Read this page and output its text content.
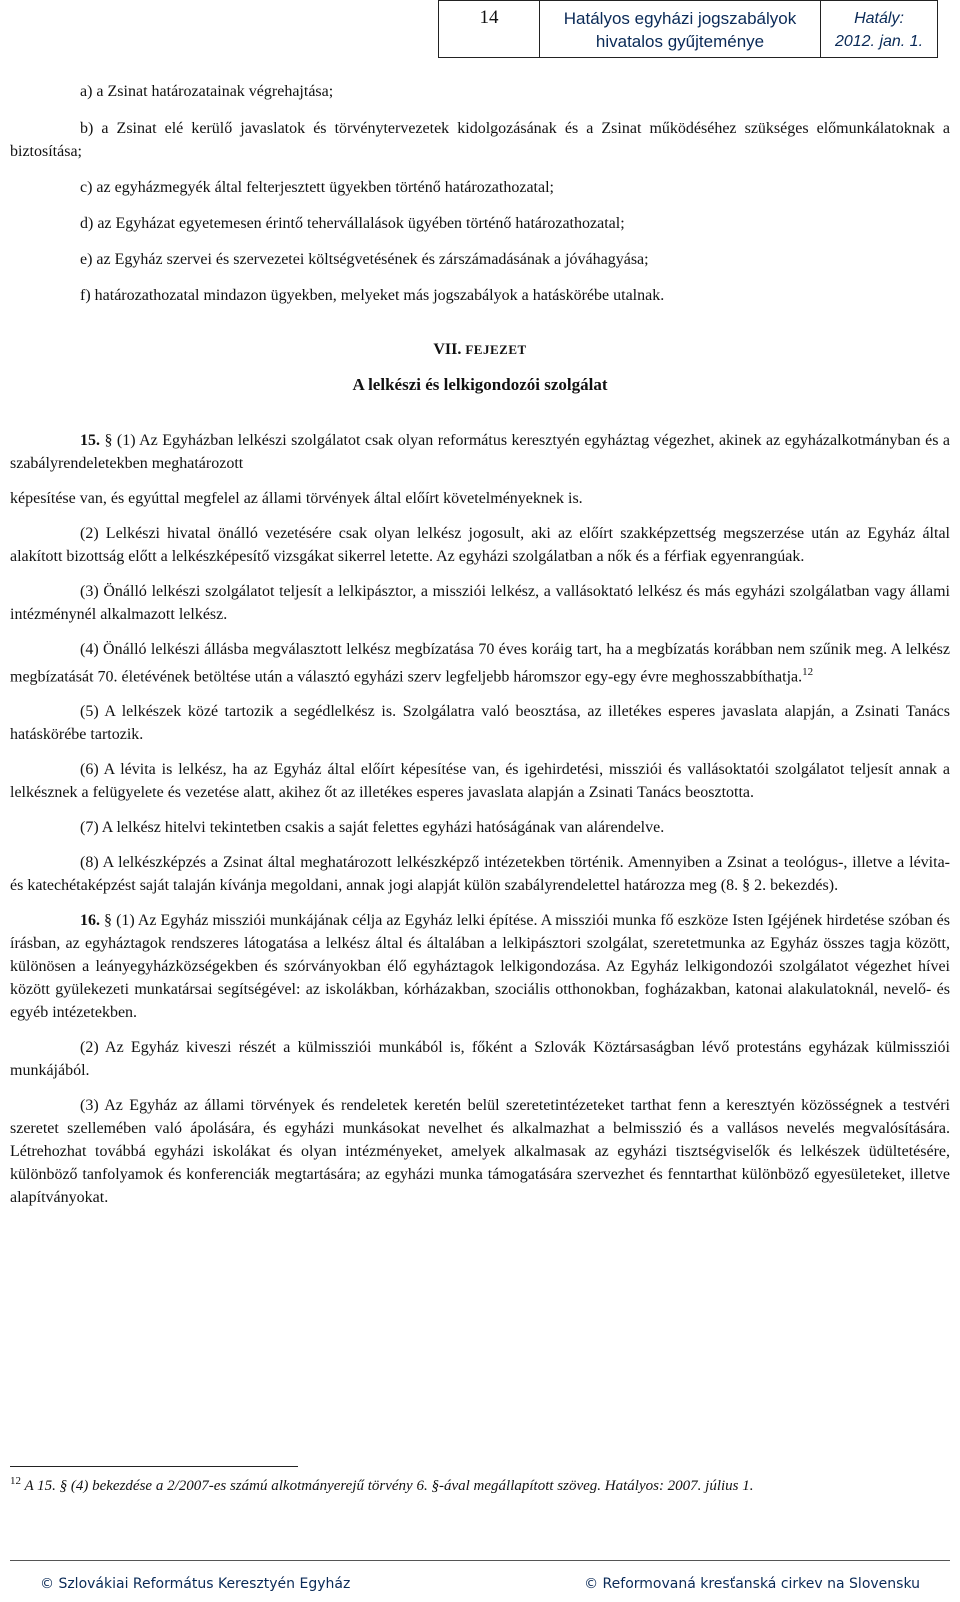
14	Hatályos egyházi jogszabályok
hivatalos gyűjteménye
Hatály:
2012. jan. 1.

a) a Zsinat határozatainak végrehajtása;

b) a Zsinat elé kerülő javaslatok és törvénytervezetek kidolgozásának és a Zsinat működéséhez szükséges előmunkálatoknak a biztosítása;

c) az egyházmegyék által felterjesztett ügyekben történő határozathozatal;

d) az Egyházat egyetemesen érintő tehervállalások ügyében történő határozathozatal;

e) az Egyház szervei és szervezetei költségvetésének és zárszámadásának a jóváhagyása;

f) határozathozatal mindazon ügyekben, melyeket más jogszabályok a hatáskörébe utalnak.

VII. FEJEZET
A lelkészi és lelkigondozói szolgálat

15. § (1) Az Egyházban lelkészi szolgálatot csak olyan református keresztyén egyháztag végezhet, akinek az egyházalkotmányban és a szabályrendeletekben meghatározott

képesítése van, és egyúttal megfelel az állami törvények által előírt követelményeknek is.

(2) Lelkészi hivatal önálló vezetésére csak olyan lelkész jogosult, aki az előírt szakképzettség megszerzése után az Egyház által alakított bizottság előtt a lelkészképesítő vizsgákat sikerrel letette. Az egyházi szolgálatban a nők és a férfiak egyenrangúak.

(3) Önálló lelkészi szolgálatot teljesít a lelkipásztor, a missziói lelkész, a vallásoktató lelkész és más egyházi szolgálatban vagy állami intézménynél alkalmazott lelkész.

(4) Önálló lelkészi állásba megválasztott lelkész megbízatása 70 éves koráig tart, ha a megbízatás korábban nem szűnik meg. A lelkész megbízatását 70. életévének betöltése után a választó egyházi szerv legfeljebb háromszor egy-egy évre meghosszabbíthatja.$^{12}$

(5) A lelkészek közé tartozik a segédlelkész is. Szolgálatra való beosztása, az illetékes esperes javaslata alapján, a Zsinati Tanács hatáskörébe tartozik.

(6) A lévita is lelkész, ha az Egyház által előírt képesítése van, és igehirdetési, missziói és vallásoktatói szolgálatot teljesít annak a lelkésznek a felügyelete és vezetése alatt, akihez őt az illetékes esperes javaslata alapján a Zsinati Tanács beosztotta.

(7) A lelkész hitelvi tekintetben csakis a saját felettes egyházi hatóságának van alárendelve.

(8) A lelkészképzés a Zsinat által meghatározott lelkészképző intézetekben történik. Amennyiben a Zsinat a teológus-, illetve a lévita- és katechétaképzést saját talaján kívánja megoldani, annak jogi alapját külön szabályrendelettel határozza meg (8. § 2. bekezdés).

16. § (1) Az Egyház missziói munkájának célja az Egyház lelki építése. A missziói munka fő eszköze Isten Igéjének hirdetése szóban és írásban, az egyháztagok rendszeres látogatása a lelkész által és általában a lelkipásztori szolgálat, szeretetmunka az Egyház összes tagja között, különösen a leányegyházközségekben és szórványokban élő egyháztagok lelkigondozása. Az Egyház lelkigondozói szolgálatot végezhet hívei között gyülekezeti munkatársai segítségével: az iskolákban, kórházakban, szociális otthonokban, fogházakban, katonai alakulatoknál, nevelő- és egyéb intézetekben.

(2) Az Egyház kiveszi részét a külmissziói munkából is, főként a Szlovák Köztársaságban lévő protestáns egyházak külmissziói munkájából.

(3) Az Egyház az állami törvények és rendeletek keretén belül szeretetintézeteket tarthat fenn a keresztyén közösségnek a testvéri szeretet szellemében való ápolására, és egyházi munkásokat nevelhet és alkalmazhat a belmisszió és a vallásos nevelés megvalósítására. Létrehozhat továbbá egyházi iskolákat és olyan intézményeket, amelyek alkalmasak az egyházi tisztségviselők és lelkészek üdültetésére, különböző tanfolyamok és konferenciák megtartására; az egyházi munka támogatására szervezhet és fenntarthat különböző egyesületeket, illetve alapítványokat.

$^{12}$ A 15. § (4) bekezdése a 2/2007-es számú alkotmányerejű törvény 6. §-ával megállapított szöveg. Hatályos: 2007. július 1.
© Szlovákiai Református Keresztyén Egyház	© Reformovaná kresťanská cirkev na Slovensku
